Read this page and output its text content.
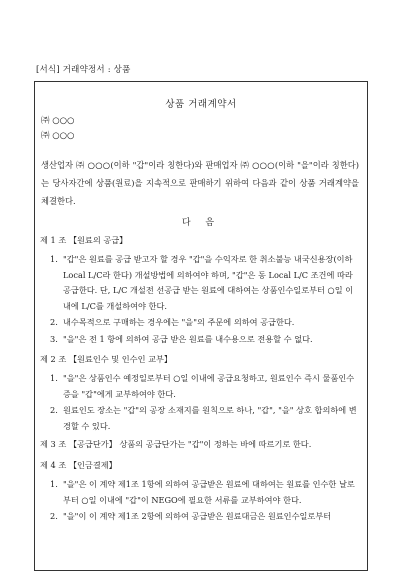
[서식] 거래약정서 : 상품
상품 거래계약서
㈜ ○○○
㈜ ○○○
생산업자 ㈜ ○○○(이하 "갑"이라 칭한다)와 판매업자 ㈜ ○○○(이하 "을"이라 칭한다)는 당사자간에 상품(원료)을 지속적으로 판매하기 위하여 다음과 같이 상품 거래계약을 체결한다.
다 음
제 1 조 【원료의 공급】
1. "갑"은 원료를 공급 받고자 할 경우 "갑"을 수익자로 한 취소불능 내국신용장(이하 Local L/C라 한다) 개설방법에 의하여야 하며, "갑"은 동 Local L/C 조건에 따라 공급한다. 단, L/C 개설전 선공급 받는 원료에 대하여는 상품인수일로부터 ○일 이내에 L/C를 개설하여야 한다.
2. 내수목적으로 구매하는 경우에는 "을"의 주문에 의하여 공급한다.
3. "을"은 전 1 항에 의하여 공급 받은 원료를 내수용으로 전용할 수 없다.
제 2 조 【원료인수 및 인수인 교부】
1. "을"은 상품인수 예정일로부터 ○일 이내에 공급요청하고, 원료인수 즉시 물품인수증을 "갑"에게 교부하여야 한다.
2. 원료인도 장소는 "갑"의 공장 소재지를 원칙으로 하나, "갑", "을" 상호 합의하에 변경할 수 있다.
제 3 조 【공급단가】 상품의 공급단가는 "갑"이 정하는 바에 따르기로 한다.
제 4 조 【인금결제】
1. "을"은 이 계약 제1조 1항에 의하여 공급받은 원료에 대하여는 원료를 인수한 날로 부터 ○일 이내에 "갑"이 NEGO에 필요한 서류를 교부하여야 한다.
2. "을"이 이 계약 제1조 2항에 의하여 공급받은 원료대금은 원료인수일로부터
